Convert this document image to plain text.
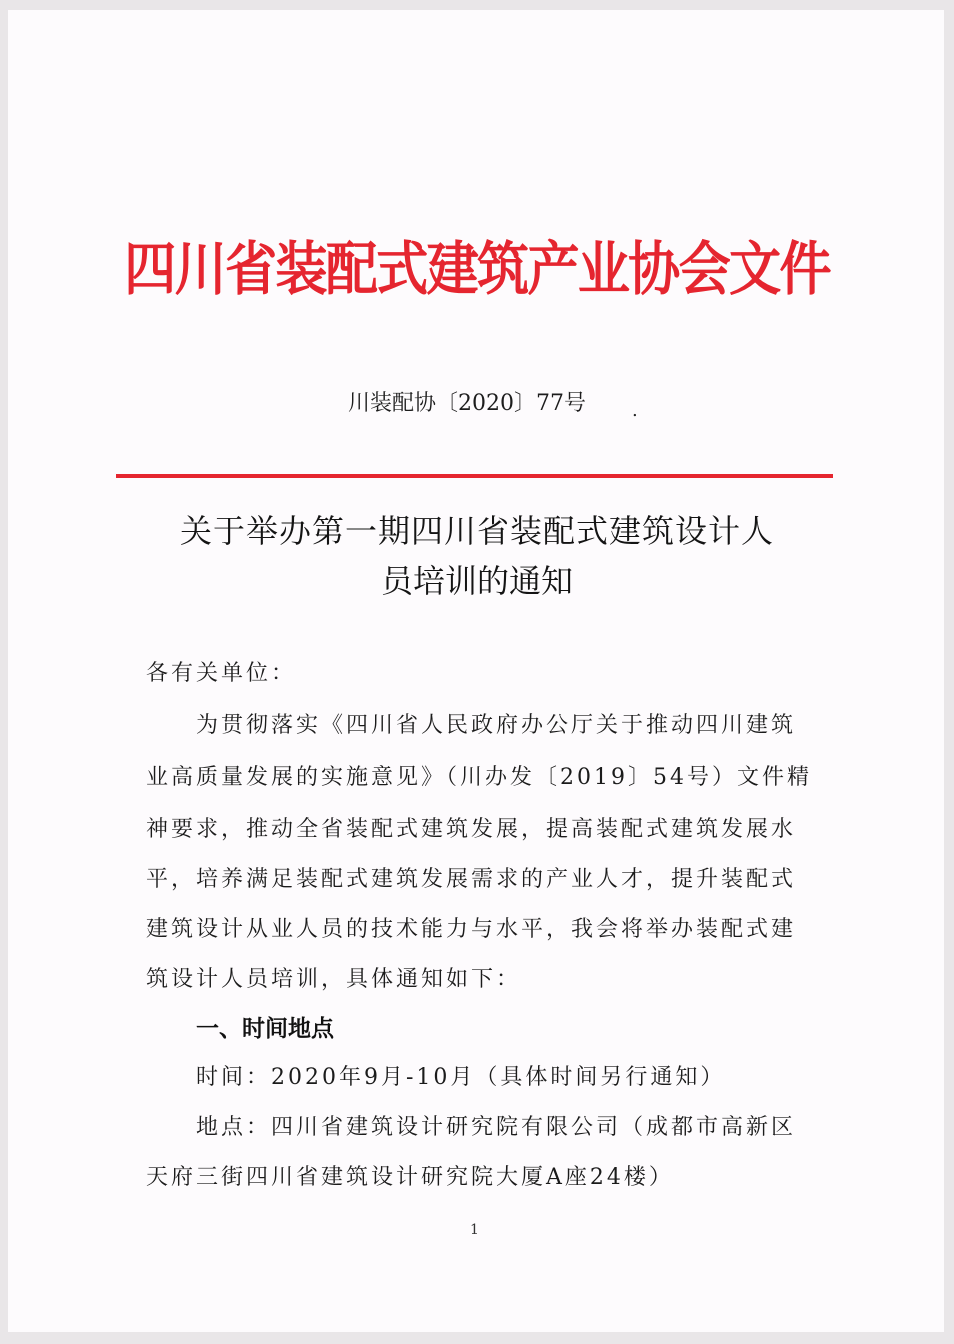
四川省装配式建筑产业协会文件
川装配协〔2020〕77号	.
关于举办第一期四川省装配式建筑设计人
员培训的通知
各有关单位：
为贯彻落实《四川省人民政府办公厅关于推动四川建筑
业高质量发展的实施意见》（川办发〔2019〕54号）文件精
神要求，推动全省装配式建筑发展，提高装配式建筑发展水
平，培养满足装配式建筑发展需求的产业人才，提升装配式
建筑设计从业人员的技术能力与水平，我会将举办装配式建
筑设计人员培训，具体通知如下：
一、时间地点
时间：2020年9月-10月（具体时间另行通知）
地点：四川省建筑设计研究院有限公司（成都市高新区
天府三街四川省建筑设计研究院大厦A座24楼）
1
